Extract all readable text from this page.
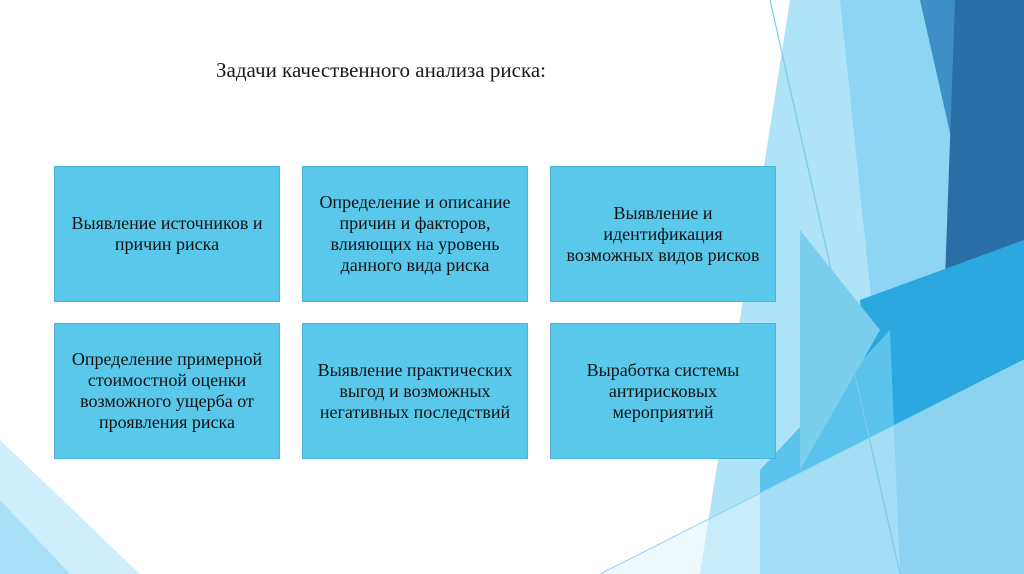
Задачи качественного анализа риска:
Выявление источников и причин риска
Определение и описание причин и факторов, влияющих на уровень данного вида риска
Выявление и идентификация возможных видов рисков
Определение примерной стоимостной оценки возможного ущерба от проявления риска
Выявление практических выгод и возможных негативных последствий
Выработка системы антирисковых мероприятий
